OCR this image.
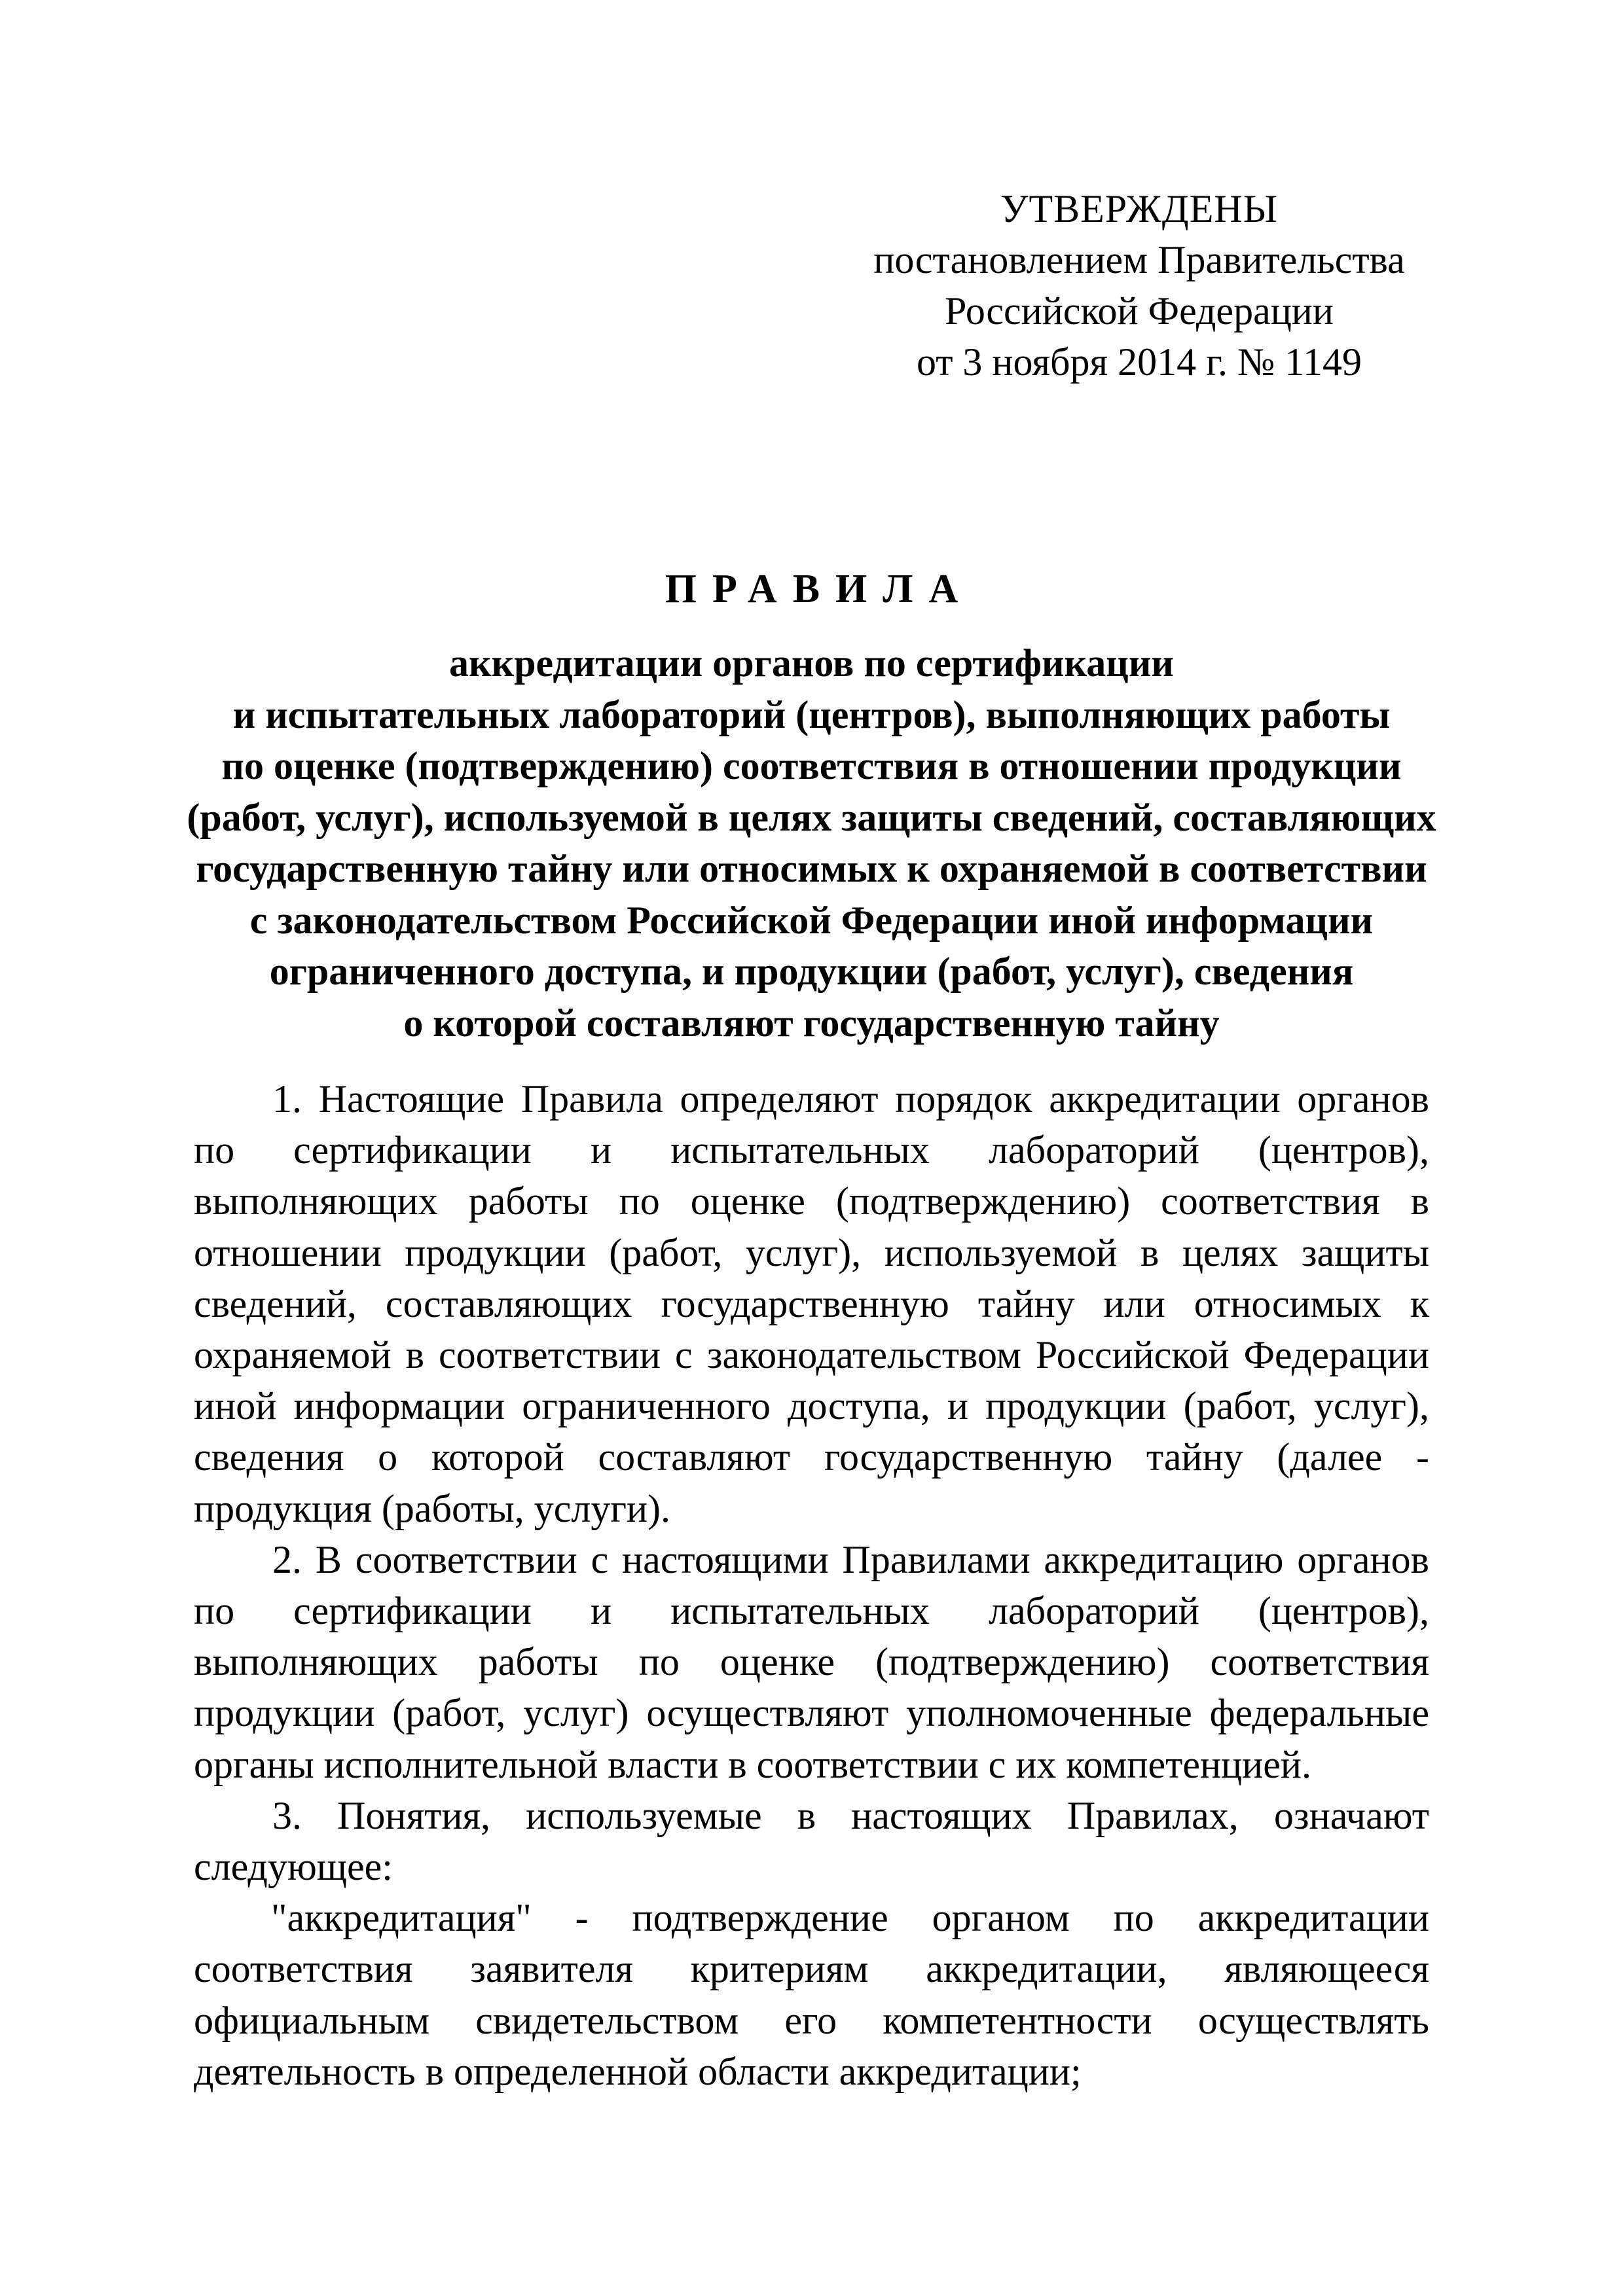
УТВЕРЖДЕНЫ
постановлением Правительства
Российской Федерации
от 3 ноября 2014 г. № 1149
ПРАВИЛА
аккредитации органов по сертификации
и испытательных лабораторий (центров), выполняющих работы
по оценке (подтверждению) соответствия в отношении продукции
(работ, услуг), используемой в целях защиты сведений, составляющих
государственную тайну или относимых к охраняемой в соответствии
с законодательством Российской Федерации иной информации
ограниченного доступа, и продукции (работ, услуг), сведения
о которой составляют государственную тайну

1. Настоящие Правила определяют порядок аккредитации органов по сертификации и испытательных лабораторий (центров), выполняющих работы по оценке (подтверждению) соответствия в отношении продукции (работ, услуг), используемой в целях защиты сведений, составляющих государственную тайну или относимых к охраняемой в соответствии с законодательством Российской Федерации иной информации ограниченного доступа, и продукции (работ, услуг), сведения о которой составляют государственную тайну (далее - продукция (работы, услуги).

2. В соответствии с настоящими Правилами аккредитацию органов по сертификации и испытательных лабораторий (центров), выполняющих работы по оценке (подтверждению) соответствия продукции (работ, услуг) осуществляют уполномоченные федеральные органы исполнительной власти в соответствии с их компетенцией.

3. Понятия, используемые в настоящих Правилах, означают следующее:

"аккредитация" - подтверждение органом по аккредитации соответствия заявителя критериям аккредитации, являющееся официальным свидетельством его компетентности осуществлять деятельность в определенной области аккредитации;
